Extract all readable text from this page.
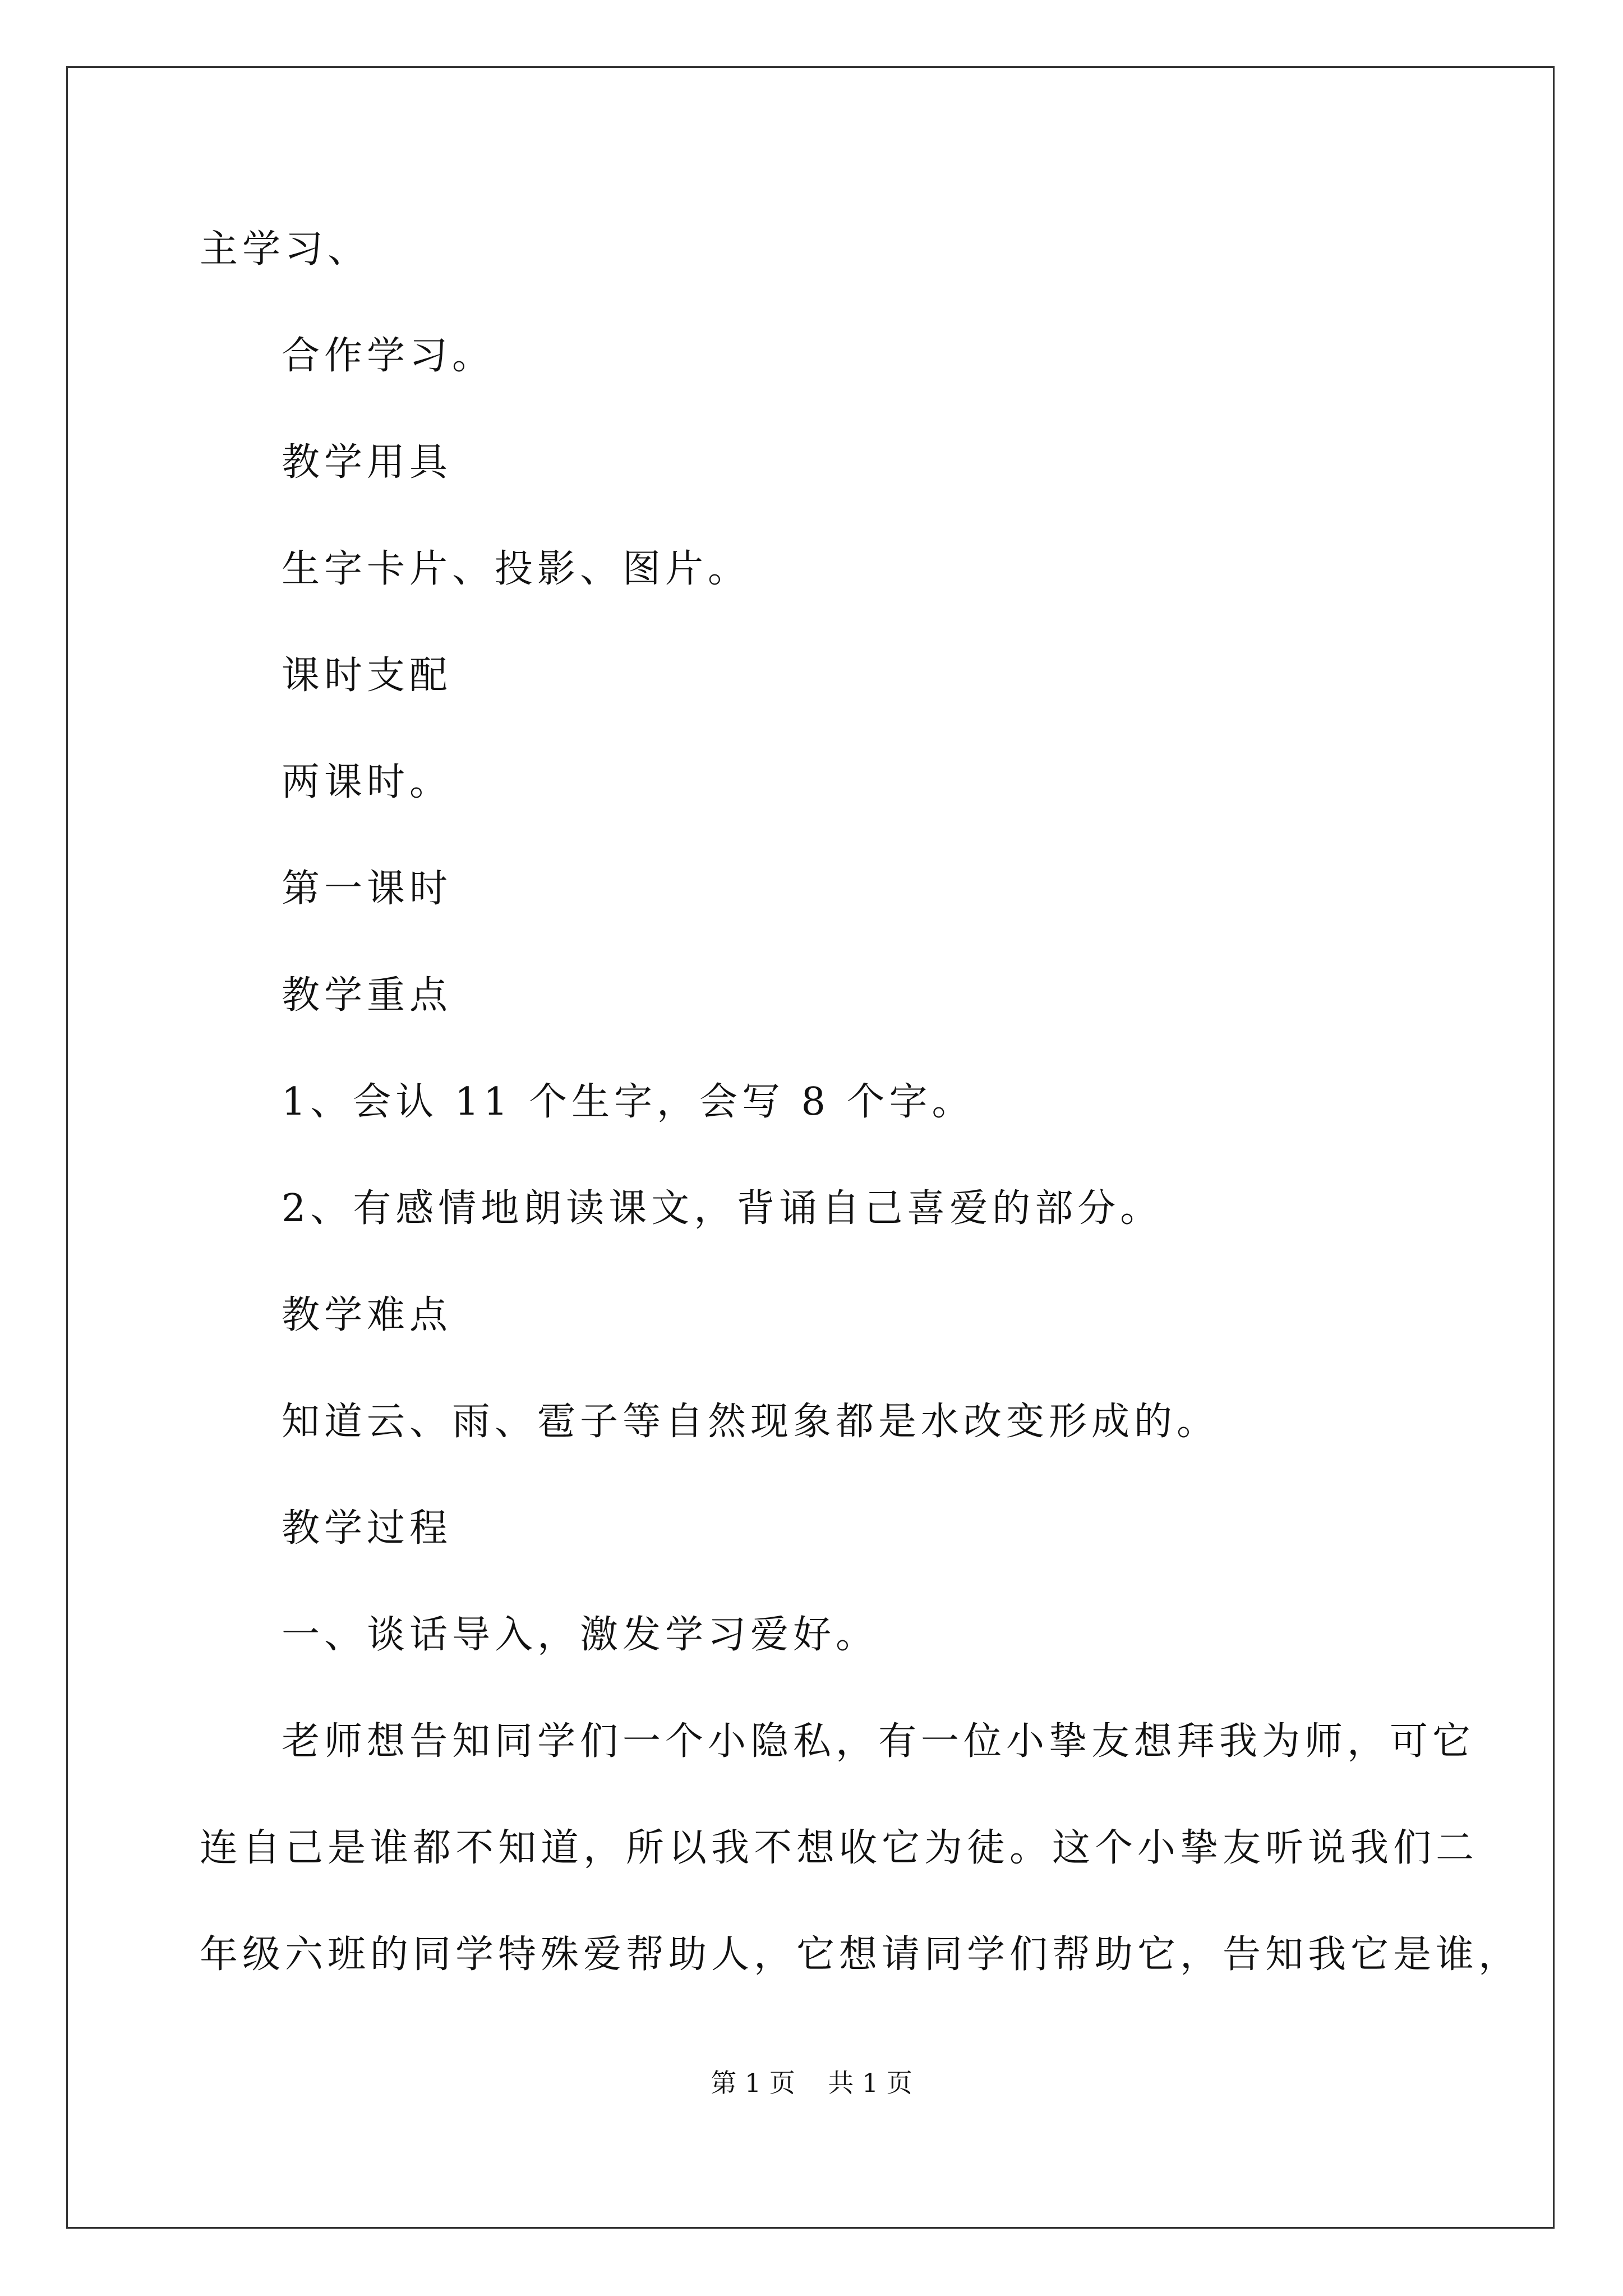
主学习、
合作学习。
教学用具
生字卡片、投影、图片。
课时支配
两课时。
第一课时
教学重点
1、会认 11 个生字，会写 8 个字。
2、有感情地朗读课文，背诵自己喜爱的部分。
教学难点
知道云、雨、雹子等自然现象都是水改变形成的。
教学过程
一、谈话导入，激发学习爱好。
老师想告知同学们一个小隐私，有一位小挚友想拜我为师，可它
连自己是谁都不知道，所以我不想收它为徒。这个小挚友听说我们二
年级六班的同学特殊爱帮助人，它想请同学们帮助它，告知我它是谁，
第 1 页    共 1 页
